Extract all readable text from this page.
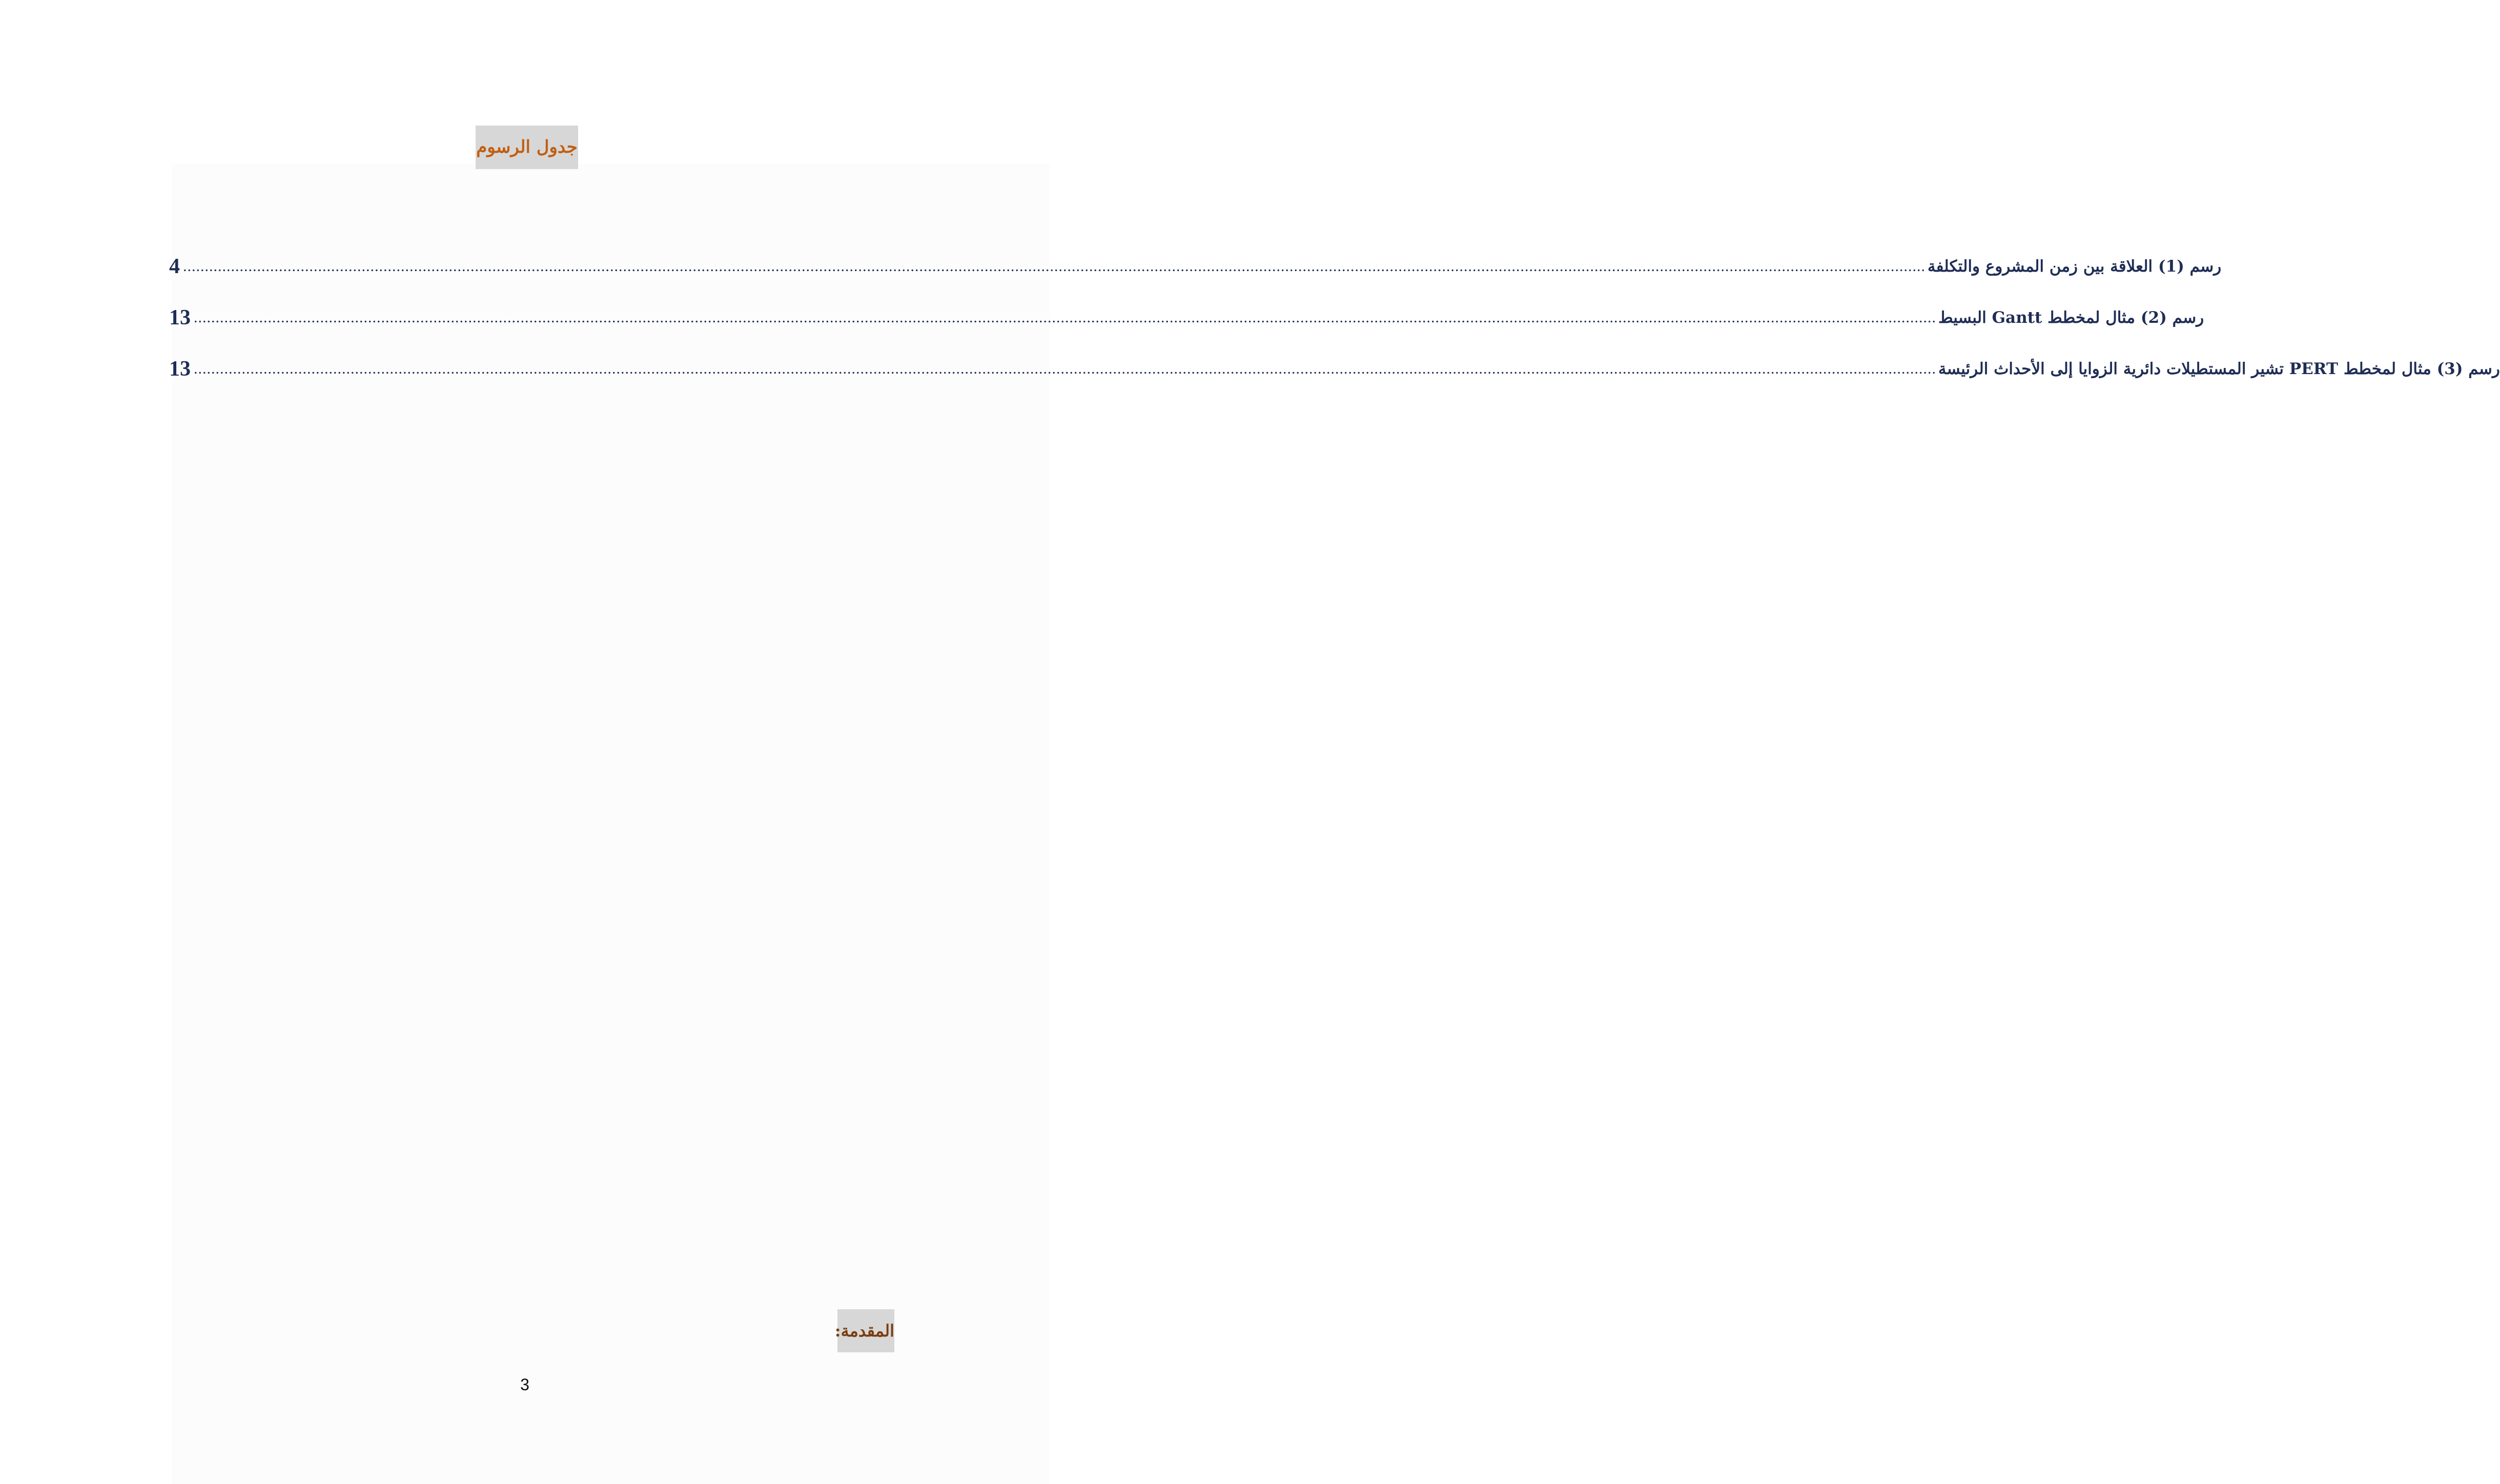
جدول الرسوم
4 ................................................................................................................................................................................................................................................................................................................................................................................................................ رسم (1) العلاقة بين زمن المشروع والتكلفة
13 ................................................................................................................................................................................................................................................................................................................................................................................................................ رسم (2) مثال لمخطط Gantt البسيط
13 ................................................................................................................................................................................................................................................................................................................................................................................................................ رسم (3) مثال لمخطط PERT تشير المستطيلات دائرية الزوايا إلى الأحداث الرئيسة
المقدمة:
3
